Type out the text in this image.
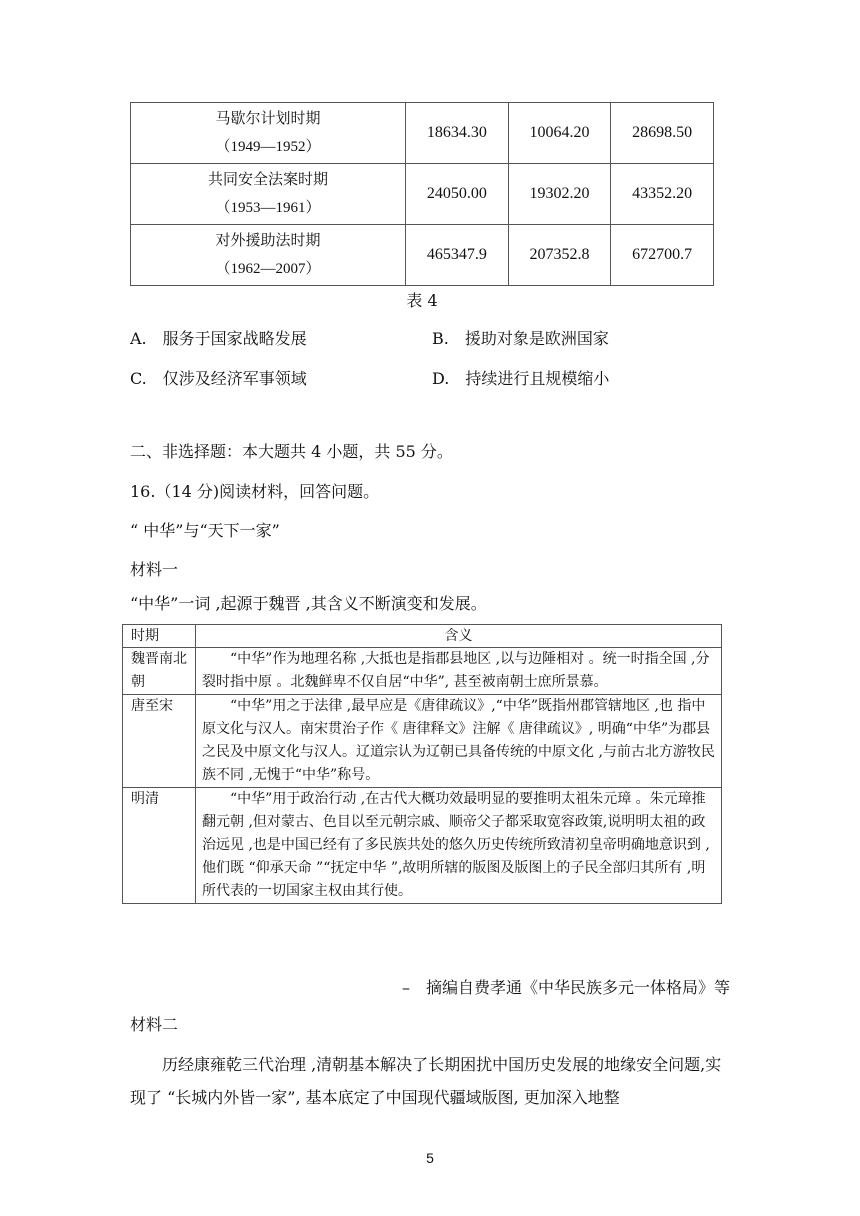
马歇尔计划时期
（1949—1952）	18634.30	10064.20	28698.50

共同安全法案时期
（1953—1961）	24050.00	19302.20	43352.20

对外援助法时期
（1962—2007）	465347.9	207352.8	672700.7
表 4
A.　服务于国家战略发展	B.　援助对象是欧洲国家
C.　仅涉及经济军事领域	D.　持续进行且规模缩小
二、非选择题：本大题共 4 小题，共 55 分。
16.（14 分)阅读材料，回答问题。
“ 中华”与“天下一家”
材料一
“中华”一词 ,起源于魏晋 ,其含义不断演变和发展。
时期	含义
魏晋南北朝	“中华”作为地理名称 ,大抵也是指郡县地区 ,以与边陲相对 。统一时指全国 ,分裂时指中原 。北魏鲜卑不仅自居“中华”, 甚至被南朝士庶所景慕。

唐至宋	“中华”用之于法律 ,最早应是《唐律疏议》,“中华”既指州郡管辖地区 ,也 指中原文化与汉人。南宋贯治子作《 唐律释文》注解《 唐律疏议》, 明确“中华”为郡县之民及中原文化与汉人。辽道宗认为辽朝已具备传统的中原文化 ,与前古北方游牧民族不同 ,无愧于“中华”称号。

明清	“中华”用于政治行动 ,在古代大概功效最明显的要推明太祖朱元璋 。朱元璋推翻元朝 ,但对蒙古、色目以至元朝宗戚、顺帝父子都采取宽容政策,说明明太祖的政治远见 ,也是中国已经有了多民族共处的悠久历史传统所致清初皇帝明确地意识到 ,他们既 “仰承天命 ”“抚定中华 ”,故明所辖的版图及版图上的子民全部归其所有 ,明所代表的一切国家主权由其行使。

–　摘编自费孝通《中华民族多元一体格局》等
材料二
历经康雍乾三代治理 ,清朝基本解决了长期困扰中国历史发展的地缘安全问题,实现了 “长城内外皆一家”, 基本底定了中国现代疆域版图, 更加深入地整
5
